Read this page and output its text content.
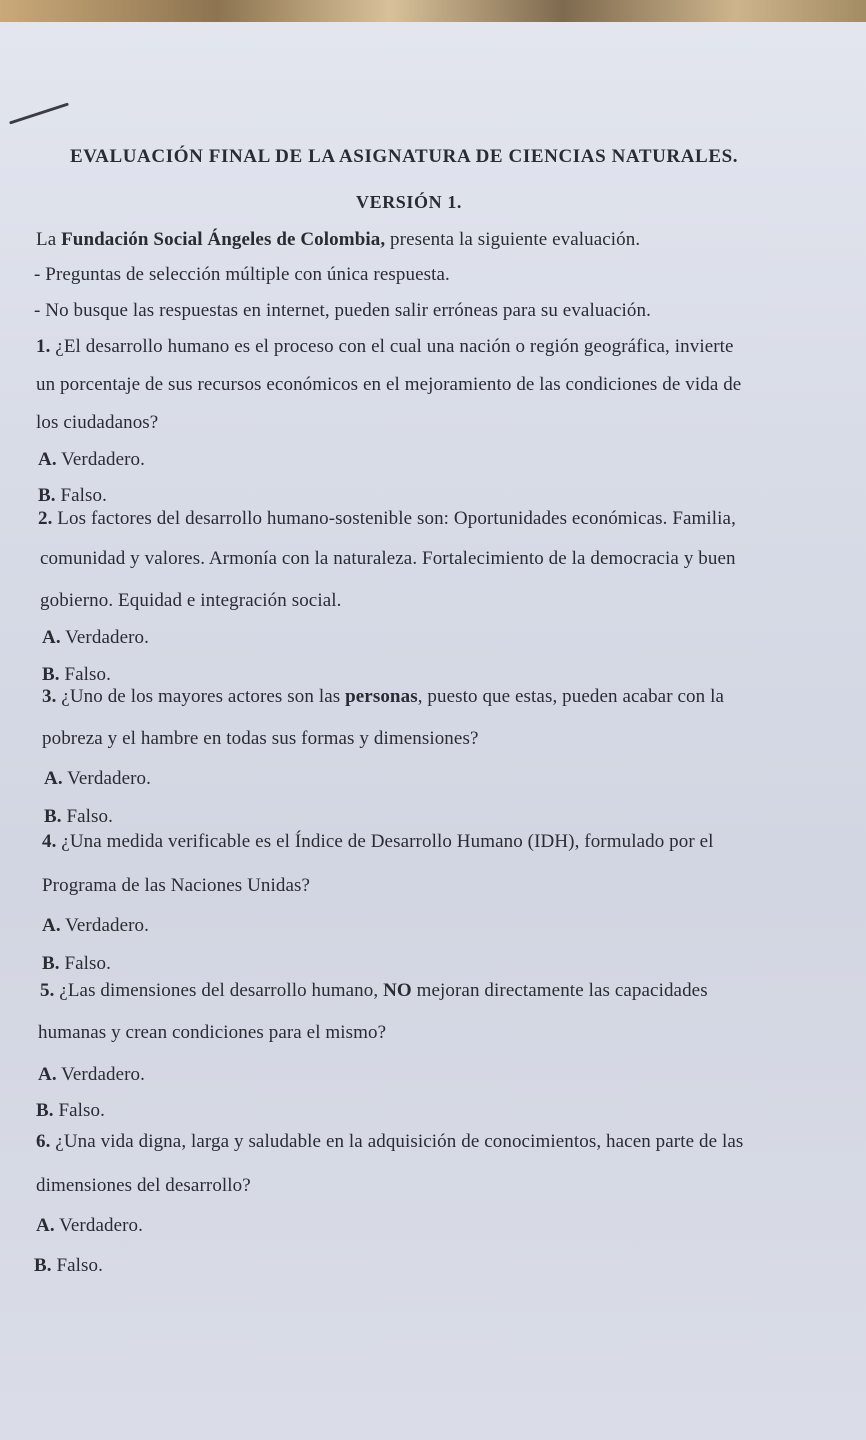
EVALUACIÓN FINAL DE LA ASIGNATURA DE CIENCIAS NATURALES.
VERSIÓN 1.
La Fundación Social Ángeles de Colombia, presenta la siguiente evaluación.
- Preguntas de selección múltiple con única respuesta.
- No busque las respuestas en internet, pueden salir erróneas para su evaluación.
1. ¿El desarrollo humano es el proceso con el cual una nación o región geográfica, invierte
un porcentaje de sus recursos económicos en el mejoramiento de las condiciones de vida de
los ciudadanos?
A. Verdadero.
B. Falso.
2. Los factores del desarrollo humano-sostenible son: Oportunidades económicas. Familia,
comunidad y valores. Armonía con la naturaleza. Fortalecimiento de la democracia y buen
gobierno. Equidad e integración social.
A. Verdadero.
B. Falso.
3. ¿Uno de los mayores actores son las personas, puesto que estas, pueden acabar con la
pobreza y el hambre en todas sus formas y dimensiones?
A. Verdadero.
B. Falso.
4. ¿Una medida verificable es el Índice de Desarrollo Humano (IDH), formulado por el
Programa de las Naciones Unidas?
A. Verdadero.
B. Falso.
5. ¿Las dimensiones del desarrollo humano, NO mejoran directamente las capacidades
humanas y crean condiciones para el mismo?
A. Verdadero.
B. Falso.
6. ¿Una vida digna, larga y saludable en la adquisición de conocimientos, hacen parte de las
dimensiones del desarrollo?
A. Verdadero.
B. Falso.
